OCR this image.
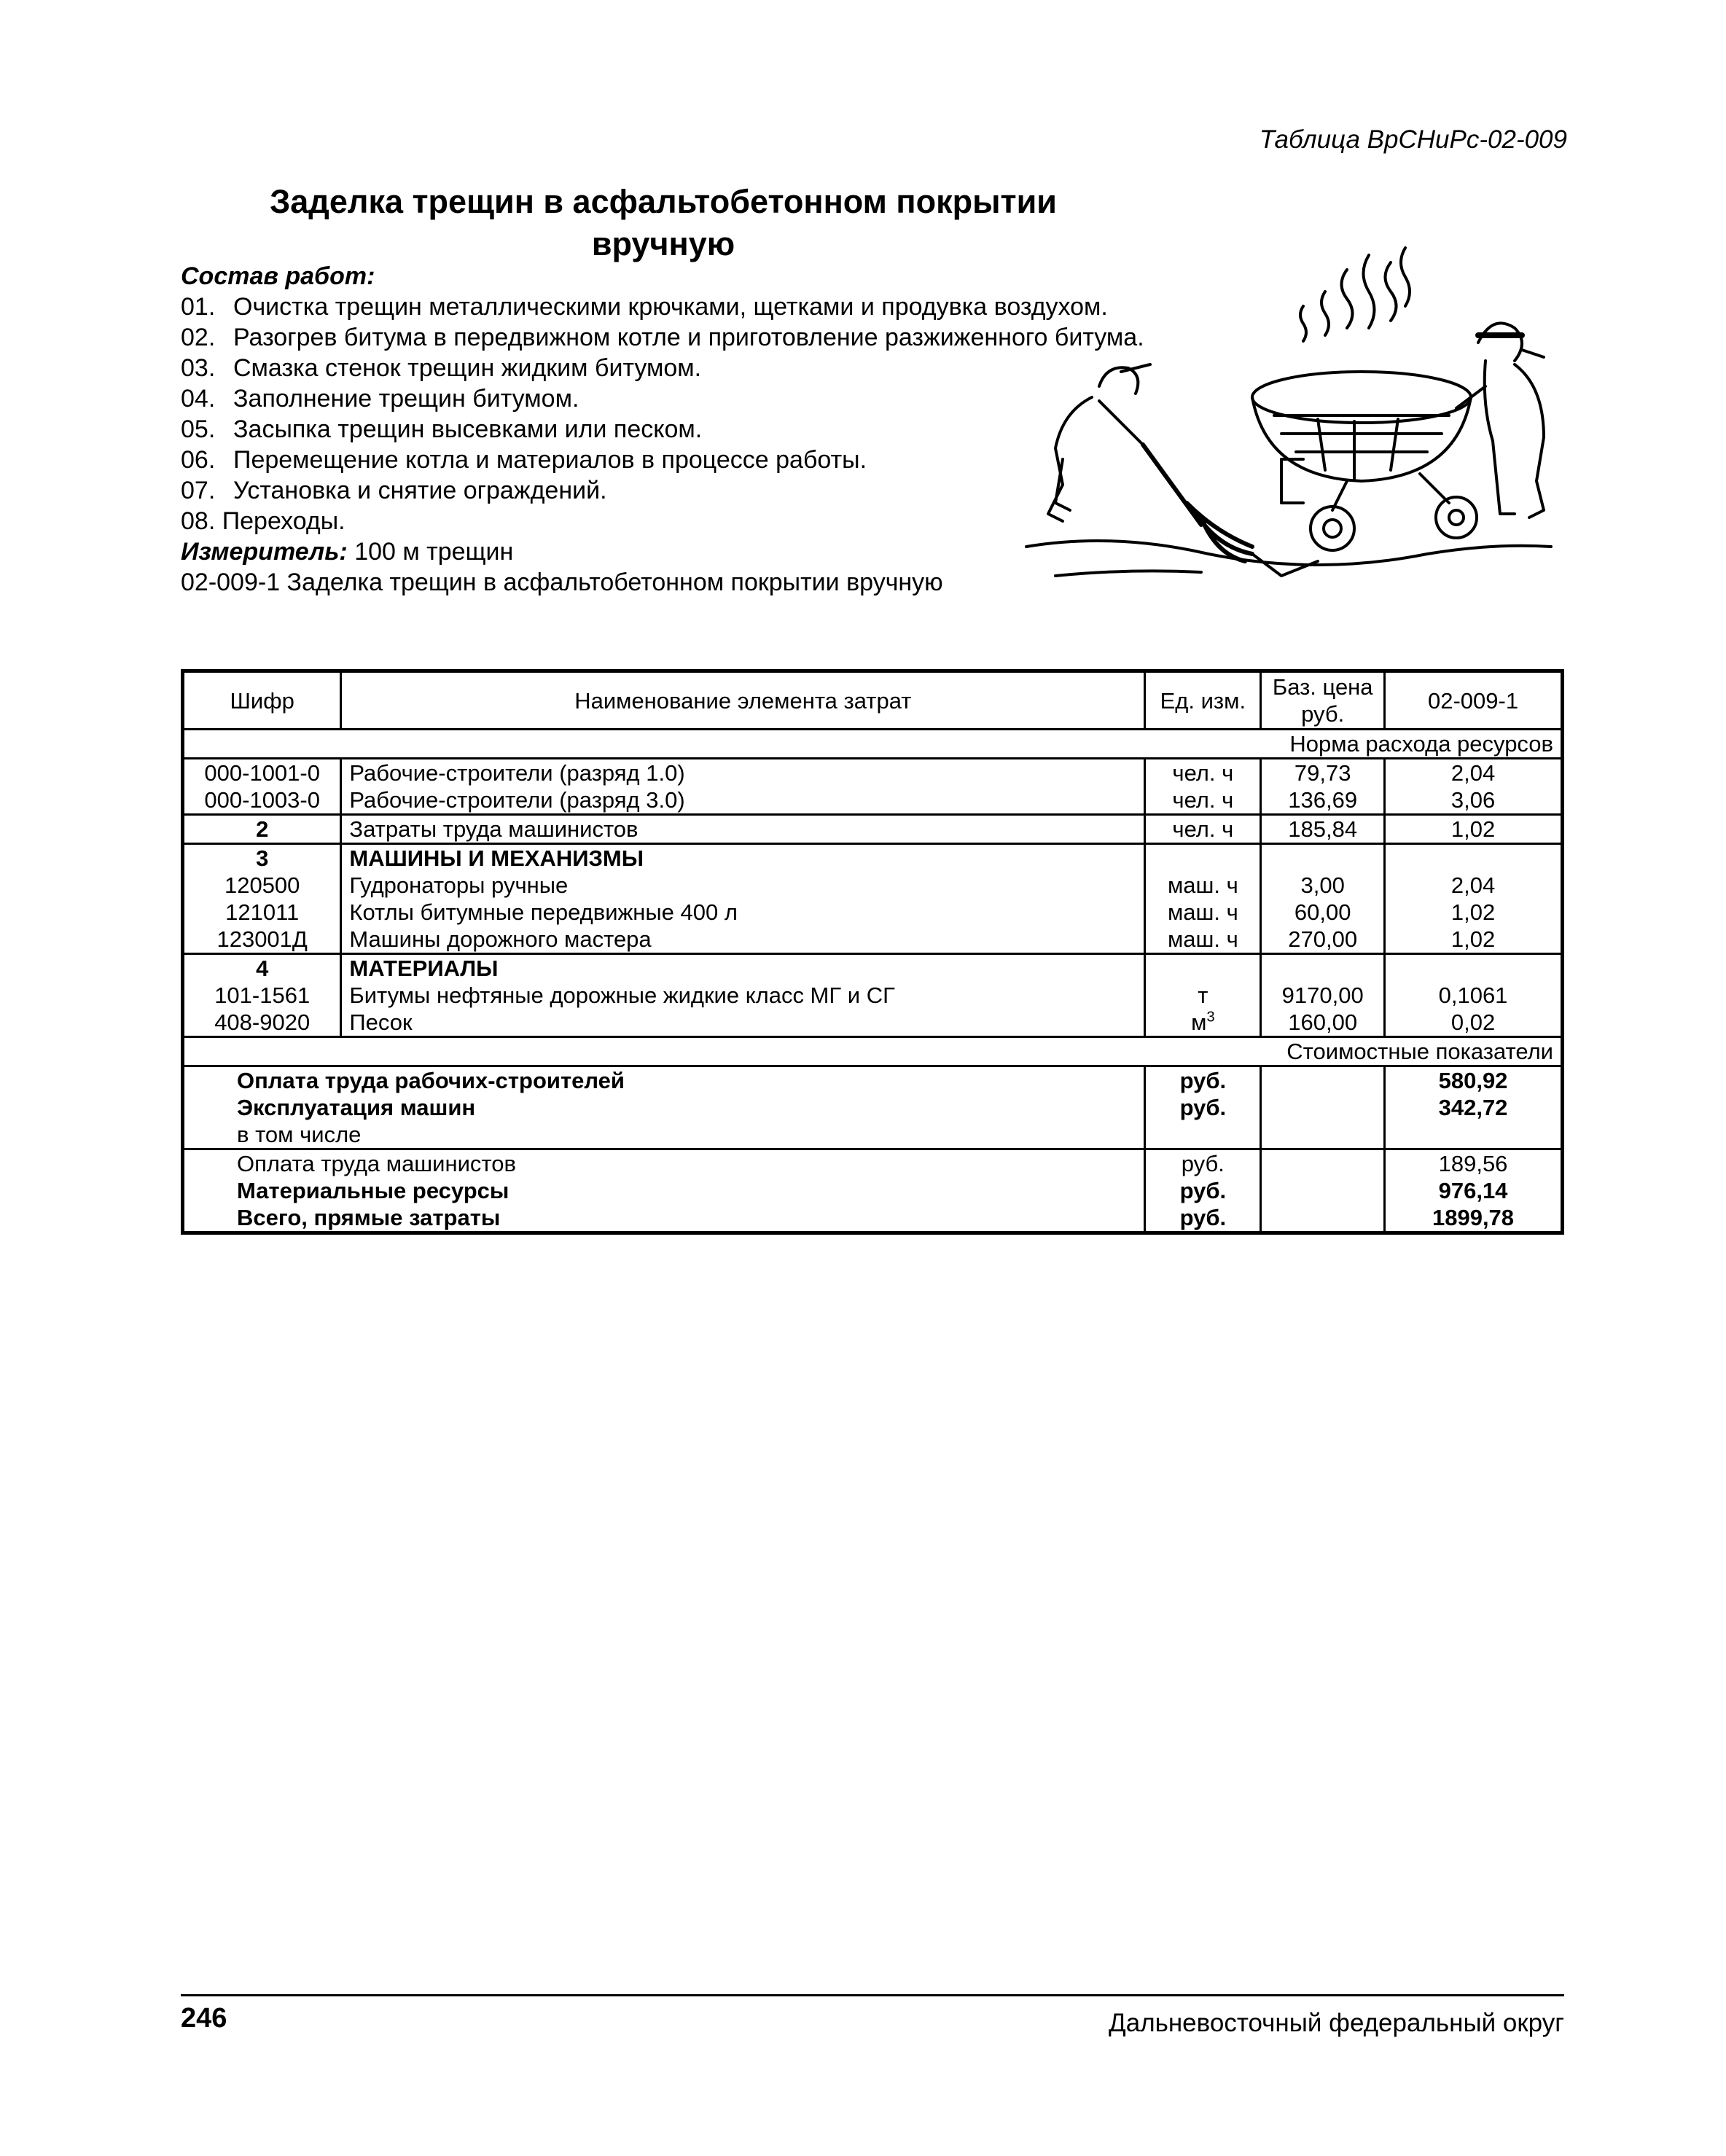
Таблица ВрСНиРс-02-009
Заделка трещин в асфальтобетонном покрытии
вручную
Состав работ:
01. Очистка трещин металлическими крючками, щетками и продувка воздухом.
02. Разогрев битума в передвижном котле и приготовление разжиженного битума.
03. Смазка стенок трещин жидким битумом.
04. Заполнение трещин битумом.
05. Засыпка трещин высевками или песком.
06. Перемещение котла и материалов в процессе работы.
07. Установка и снятие ограждений.
08. Переходы.
Измеритель: 100 м трещин
02-009-1 Заделка трещин в асфальтобетонном покрытии вручную
Шифр	Наименование элемента затрат	Ед. изм.	Баз. цена руб.	02-009-1
Норма расхода ресурсов				
000-1001-0	Рабочие-строители (разряд 1.0)	чел. ч	79,73	2,04
000-1003-0	Рабочие-строители (разряд 3.0)	чел. ч	136,69	3,06
2	Затраты труда машинистов	чел. ч	185,84	1,02
3	МАШИНЫ И МЕХАНИЗМЫ			
120500	Гудронаторы ручные	маш. ч	3,00	2,04
121011	Котлы битумные передвижные 400 л	маш. ч	60,00	1,02
123001Д	Машины дорожного мастера	маш. ч	270,00	1,02
4	МАТЕРИАЛЫ			
101-1561	Битумы нефтяные дорожные жидкие класс МГ и СГ	т	9170,00	0,1061
408-9020	Песок	$м^3$	160,00	0,02
Стоимостные показатели				
Оплата труда рабочих-строителей		руб.		580,92
Эксплуатация машин		руб.		342,72
в том числе				
Оплата труда машинистов		руб.		189,56
Материальные ресурсы		руб.		976,14
Всего, прямые затраты		руб.		1899,78
246	Дальневосточный федеральный округ
